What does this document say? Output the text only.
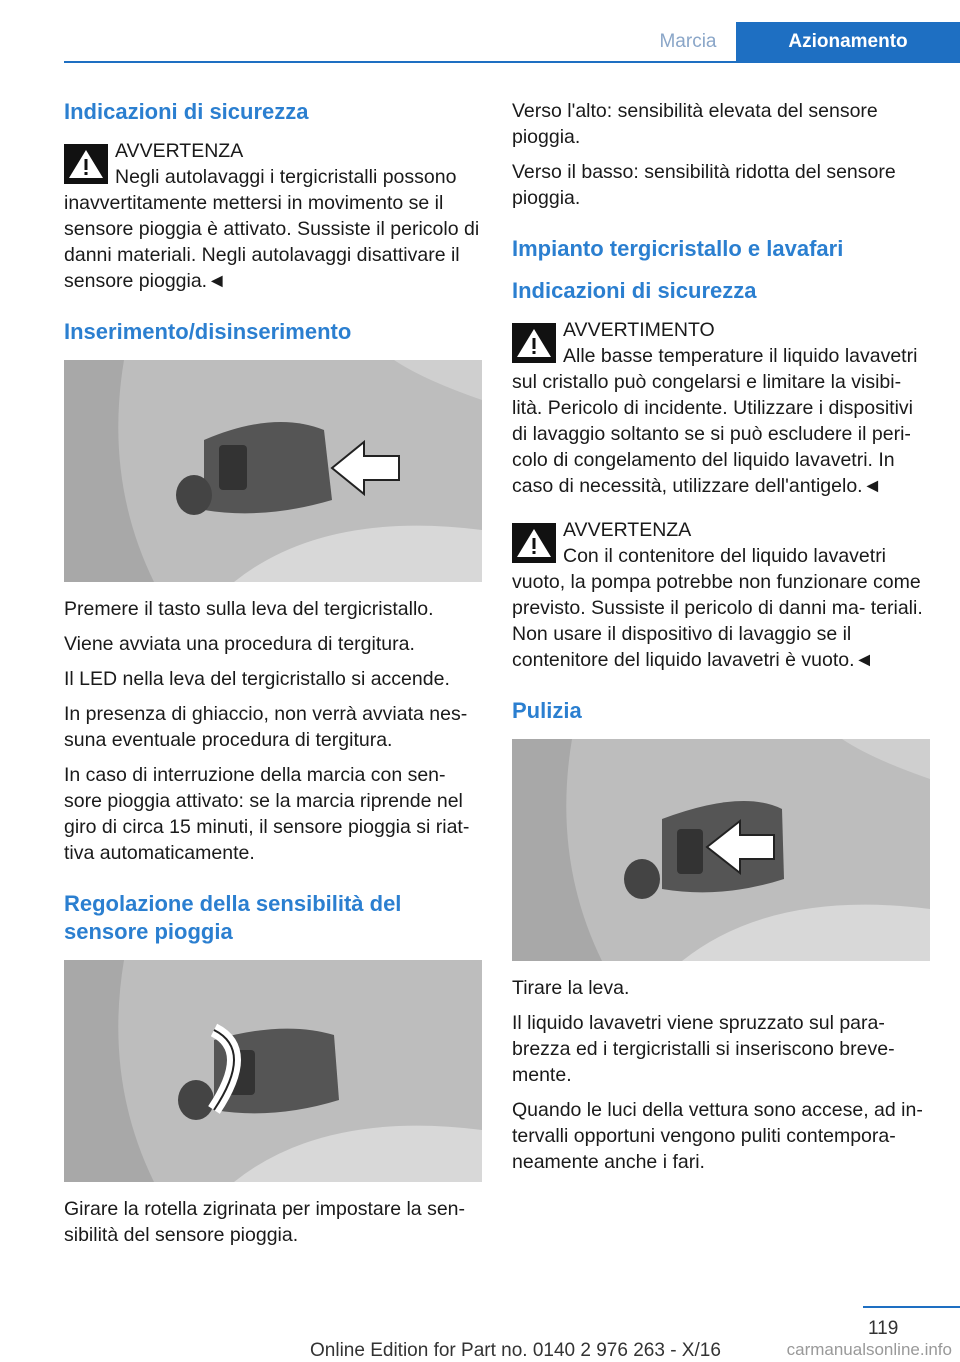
Marcia	Azionamento
Indicazioni di sicurezza
AVVERTENZA

Negli autolavaggi i tergicristalli possono inavvertitamente mettersi in movimento se il sensore pioggia è attivato. Sussiste il pericolo di danni materiali. Negli autolavaggi disattivare il sensore pioggia.◄

Inserimento/disinserimento

Premere il tasto sulla leva del tergicristallo.

Viene avviata una procedura di tergitura.

Il LED nella leva del tergicristallo si accende.

In presenza di ghiaccio, non verrà avviata nes- suna eventuale procedura di tergitura.

In caso di interruzione della marcia con sen- sore pioggia attivato: se la marcia riprende nel giro di circa 15 minuti, il sensore pioggia si riat- tiva automaticamente.

Regolazione della sensibilità del sensore pioggia

Girare la rotella zigrinata per impostare la sen- sibilità del sensore pioggia.

Verso l'alto: sensibilità elevata del sensore pioggia.

Verso il basso: sensibilità ridotta del sensore pioggia.

Impianto tergicristallo e lavafari
Indicazioni di sicurezza
AVVERTIMENTO

Alle basse temperature il liquido lavavetri sul cristallo può congelarsi e limitare la visibi- lità. Pericolo di incidente. Utilizzare i dispositivi di lavaggio soltanto se si può escludere il peri- colo di congelamento del liquido lavavetri. In caso di necessità, utilizzare dell'antigelo.◄

AVVERTENZA

Con il contenitore del liquido lavavetri vuoto, la pompa potrebbe non funzionare come previsto. Sussiste il pericolo di danni ma- teriali. Non usare il dispositivo di lavaggio se il contenitore del liquido lavavetri è vuoto.◄

Pulizia

Tirare la leva.

Il liquido lavavetri viene spruzzato sul para- brezza ed i tergicristalli si inseriscono breve- mente.

Quando le luci della vettura sono accese, ad in- tervalli opportuni vengono puliti contempora- neamente anche i fari.

119
Online Edition for Part no. 0140 2 976 263 - X/16	carmanualsonline.info
